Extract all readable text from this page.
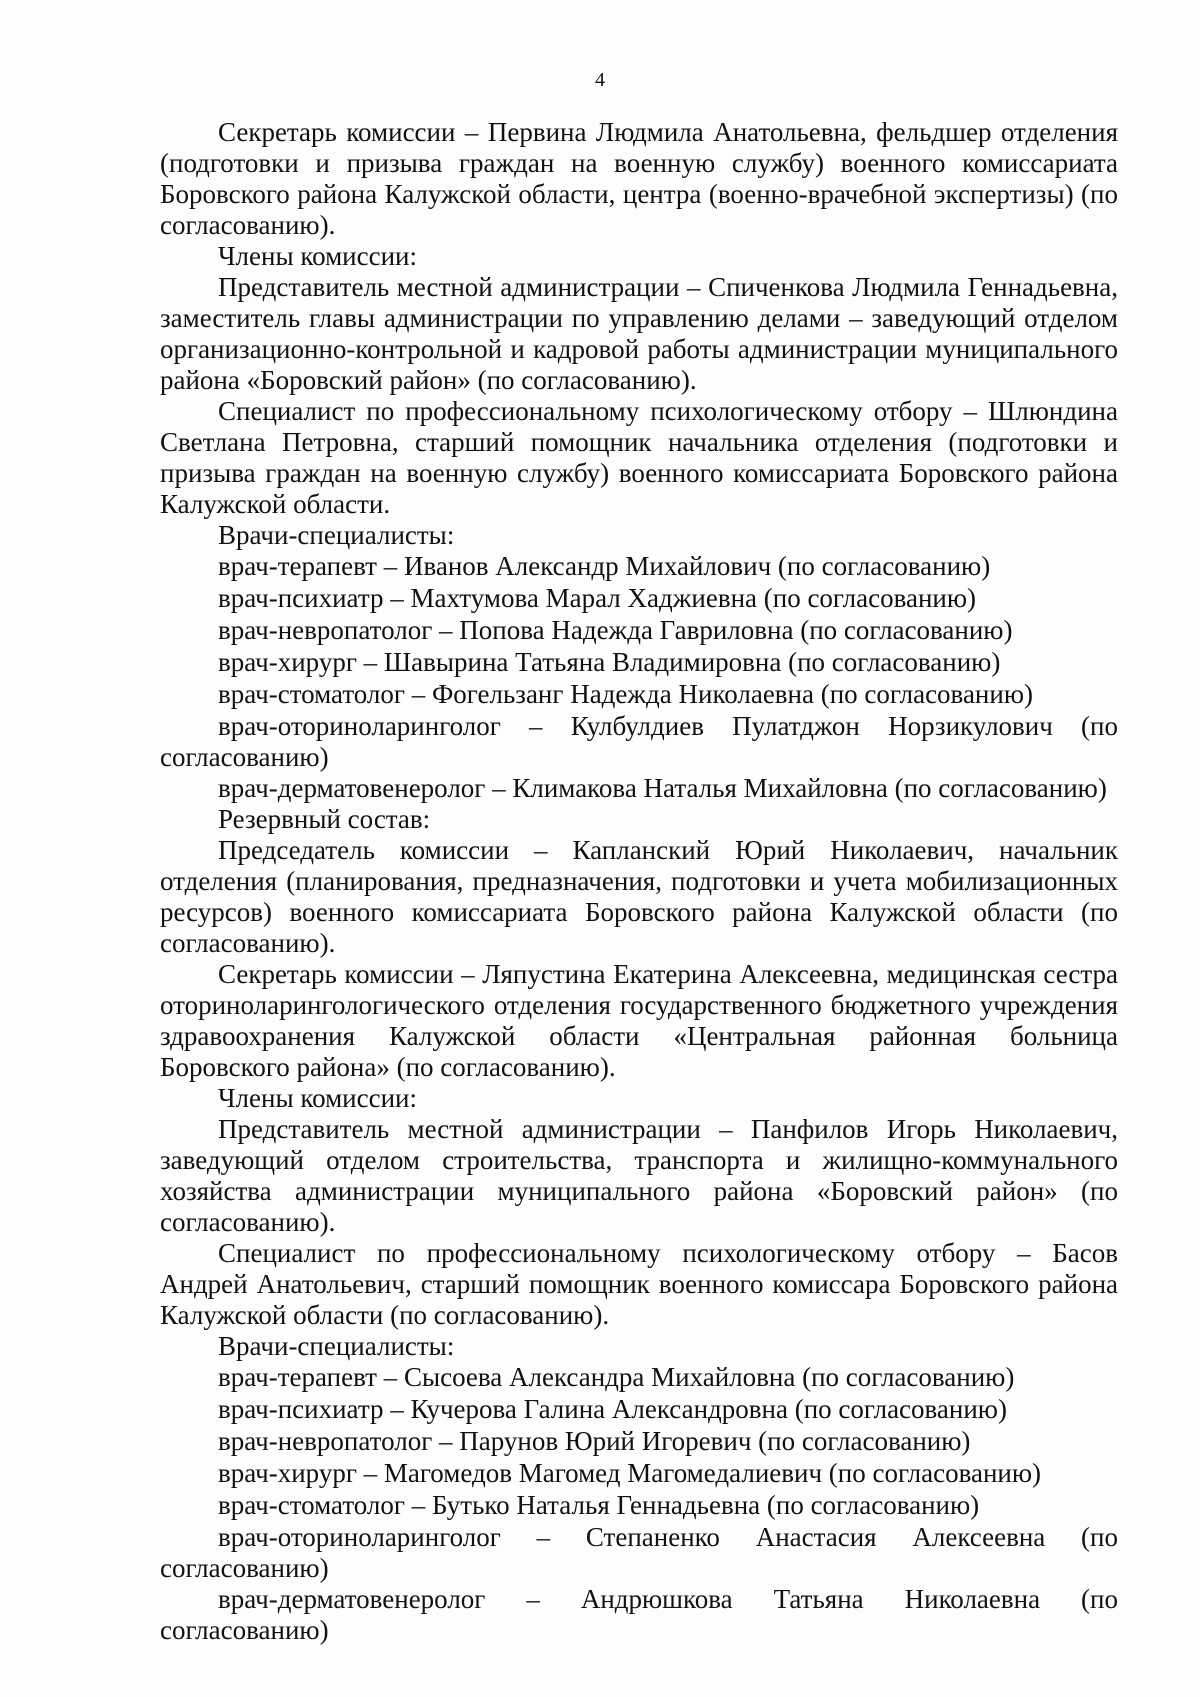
4

Секретарь комиссии – Первина Людмила Анатольевна, фельдшер отделения (подготовки и призыва граждан на военную службу) военного комиссариата Боровского района Калужской области, центра (военно-врачебной экспертизы) (по согласованию).

Члены комиссии:

Представитель местной администрации – Спиченкова Людмила Геннадьевна, заместитель главы администрации по управлению делами – заведующий отделом организационно-контрольной и кадровой работы администрации муниципального района «Боровский район» (по согласованию).

Специалист по профессиональному психологическому отбору – Шлюндина Светлана Петровна, старший помощник начальника отделения (подготовки и призыва граждан на военную службу) военного комиссариата Боровского района Калужской области.

Врачи-специалисты:

врач-терапевт – Иванов Александр Михайлович (по согласованию)

врач-психиатр – Махтумова Марал Хаджиевна (по согласованию)

врач-невропатолог – Попова Надежда Гавриловна (по согласованию)

врач-хирург – Шавырина Татьяна Владимировна (по согласованию)

врач-стоматолог – Фогельзанг Надежда Николаевна (по согласованию)

врач-оториноларинголог – Кулбулдиев Пулатджон Норзикулович (по согласованию)

врач-дерматовенеролог – Климакова Наталья Михайловна (по согласованию)

Резервный состав:

Председатель комиссии – Капланский Юрий Николаевич, начальник отделения (планирования, предназначения, подготовки и учета мобилизационных ресурсов) военного комиссариата Боровского района Калужской области (по согласованию).

Секретарь комиссии – Ляпустина Екатерина Алексеевна, медицинская сестра оториноларингологического отделения государственного бюджетного учреждения здравоохранения Калужской области «Центральная районная больница Боровского района» (по согласованию).

Члены комиссии:

Представитель местной администрации – Панфилов Игорь Николаевич, заведующий отделом строительства, транспорта и жилищно-коммунального хозяйства администрации муниципального района «Боровский район» (по согласованию).

Специалист по профессиональному психологическому отбору – Басов Андрей Анатольевич, старший помощник военного комиссара Боровского района Калужской области (по согласованию).

Врачи-специалисты:

врач-терапевт – Сысоева Александра Михайловна (по согласованию)

врач-психиатр – Кучерова Галина Александровна (по согласованию)

врач-невропатолог – Парунов Юрий Игоревич (по согласованию)

врач-хирург – Магомедов Магомед Магомедалиевич (по согласованию)

врач-стоматолог – Бутько Наталья Геннадьевна (по согласованию)

врач-оториноларинголог – Степаненко Анастасия Алексеевна (по согласованию)

врач-дерматовенеролог – Андрюшкова Татьяна Николаевна (по согласованию)
